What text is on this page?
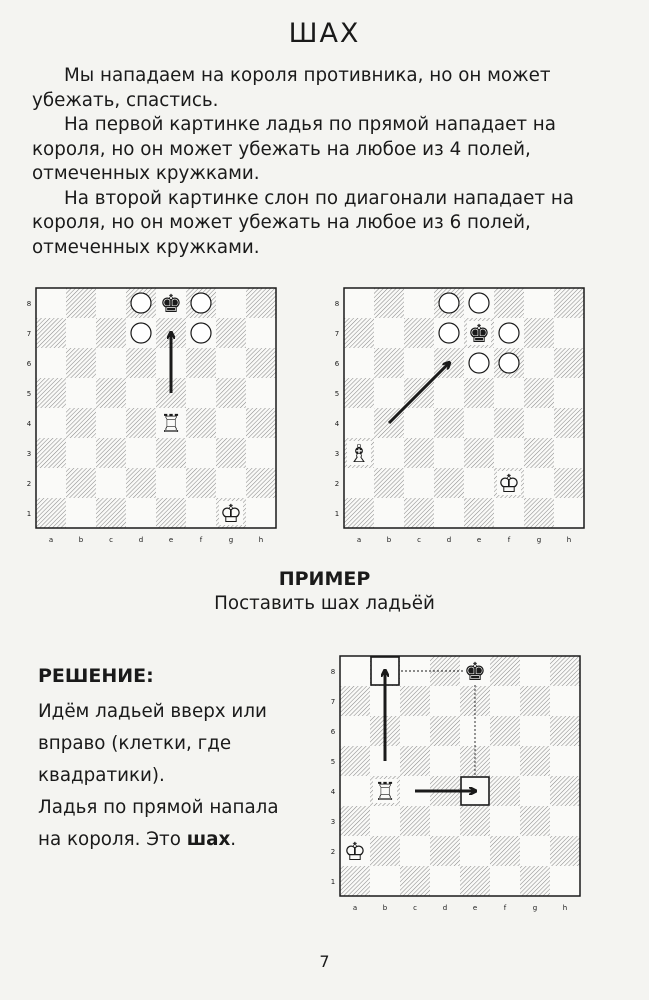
ШАХ

Мы нападаем на короля противника, но он может убежать, спастись.

На первой картинке ладья по прямой нападает на короля, но он может убежать на любое из 4 полей, отмеченных кружками.

На второй картинке слон по диагонали нападает на короля, но он может убежать на любое из 6 полей, отмеченных кружками.

1
2
3
4
5
6
7
8
a	b	c	d	e	f	g	h
♚
♖
♔	1
2
3
4
5
6
7
8
a	b	c	d	e	f	g	h
♚
♗
♔
ПРИМЕР
Поставить шах ладьёй
РЕШЕНИЕ:
Идём ладьей вверх или
вправо (клетки, где
квадратики).
Ладья по прямой напала
на короля. Это шах.
1
2
3
4
5
6
7
8
a	b	c	d	e	f	g	h
♚
♖
♔
7
